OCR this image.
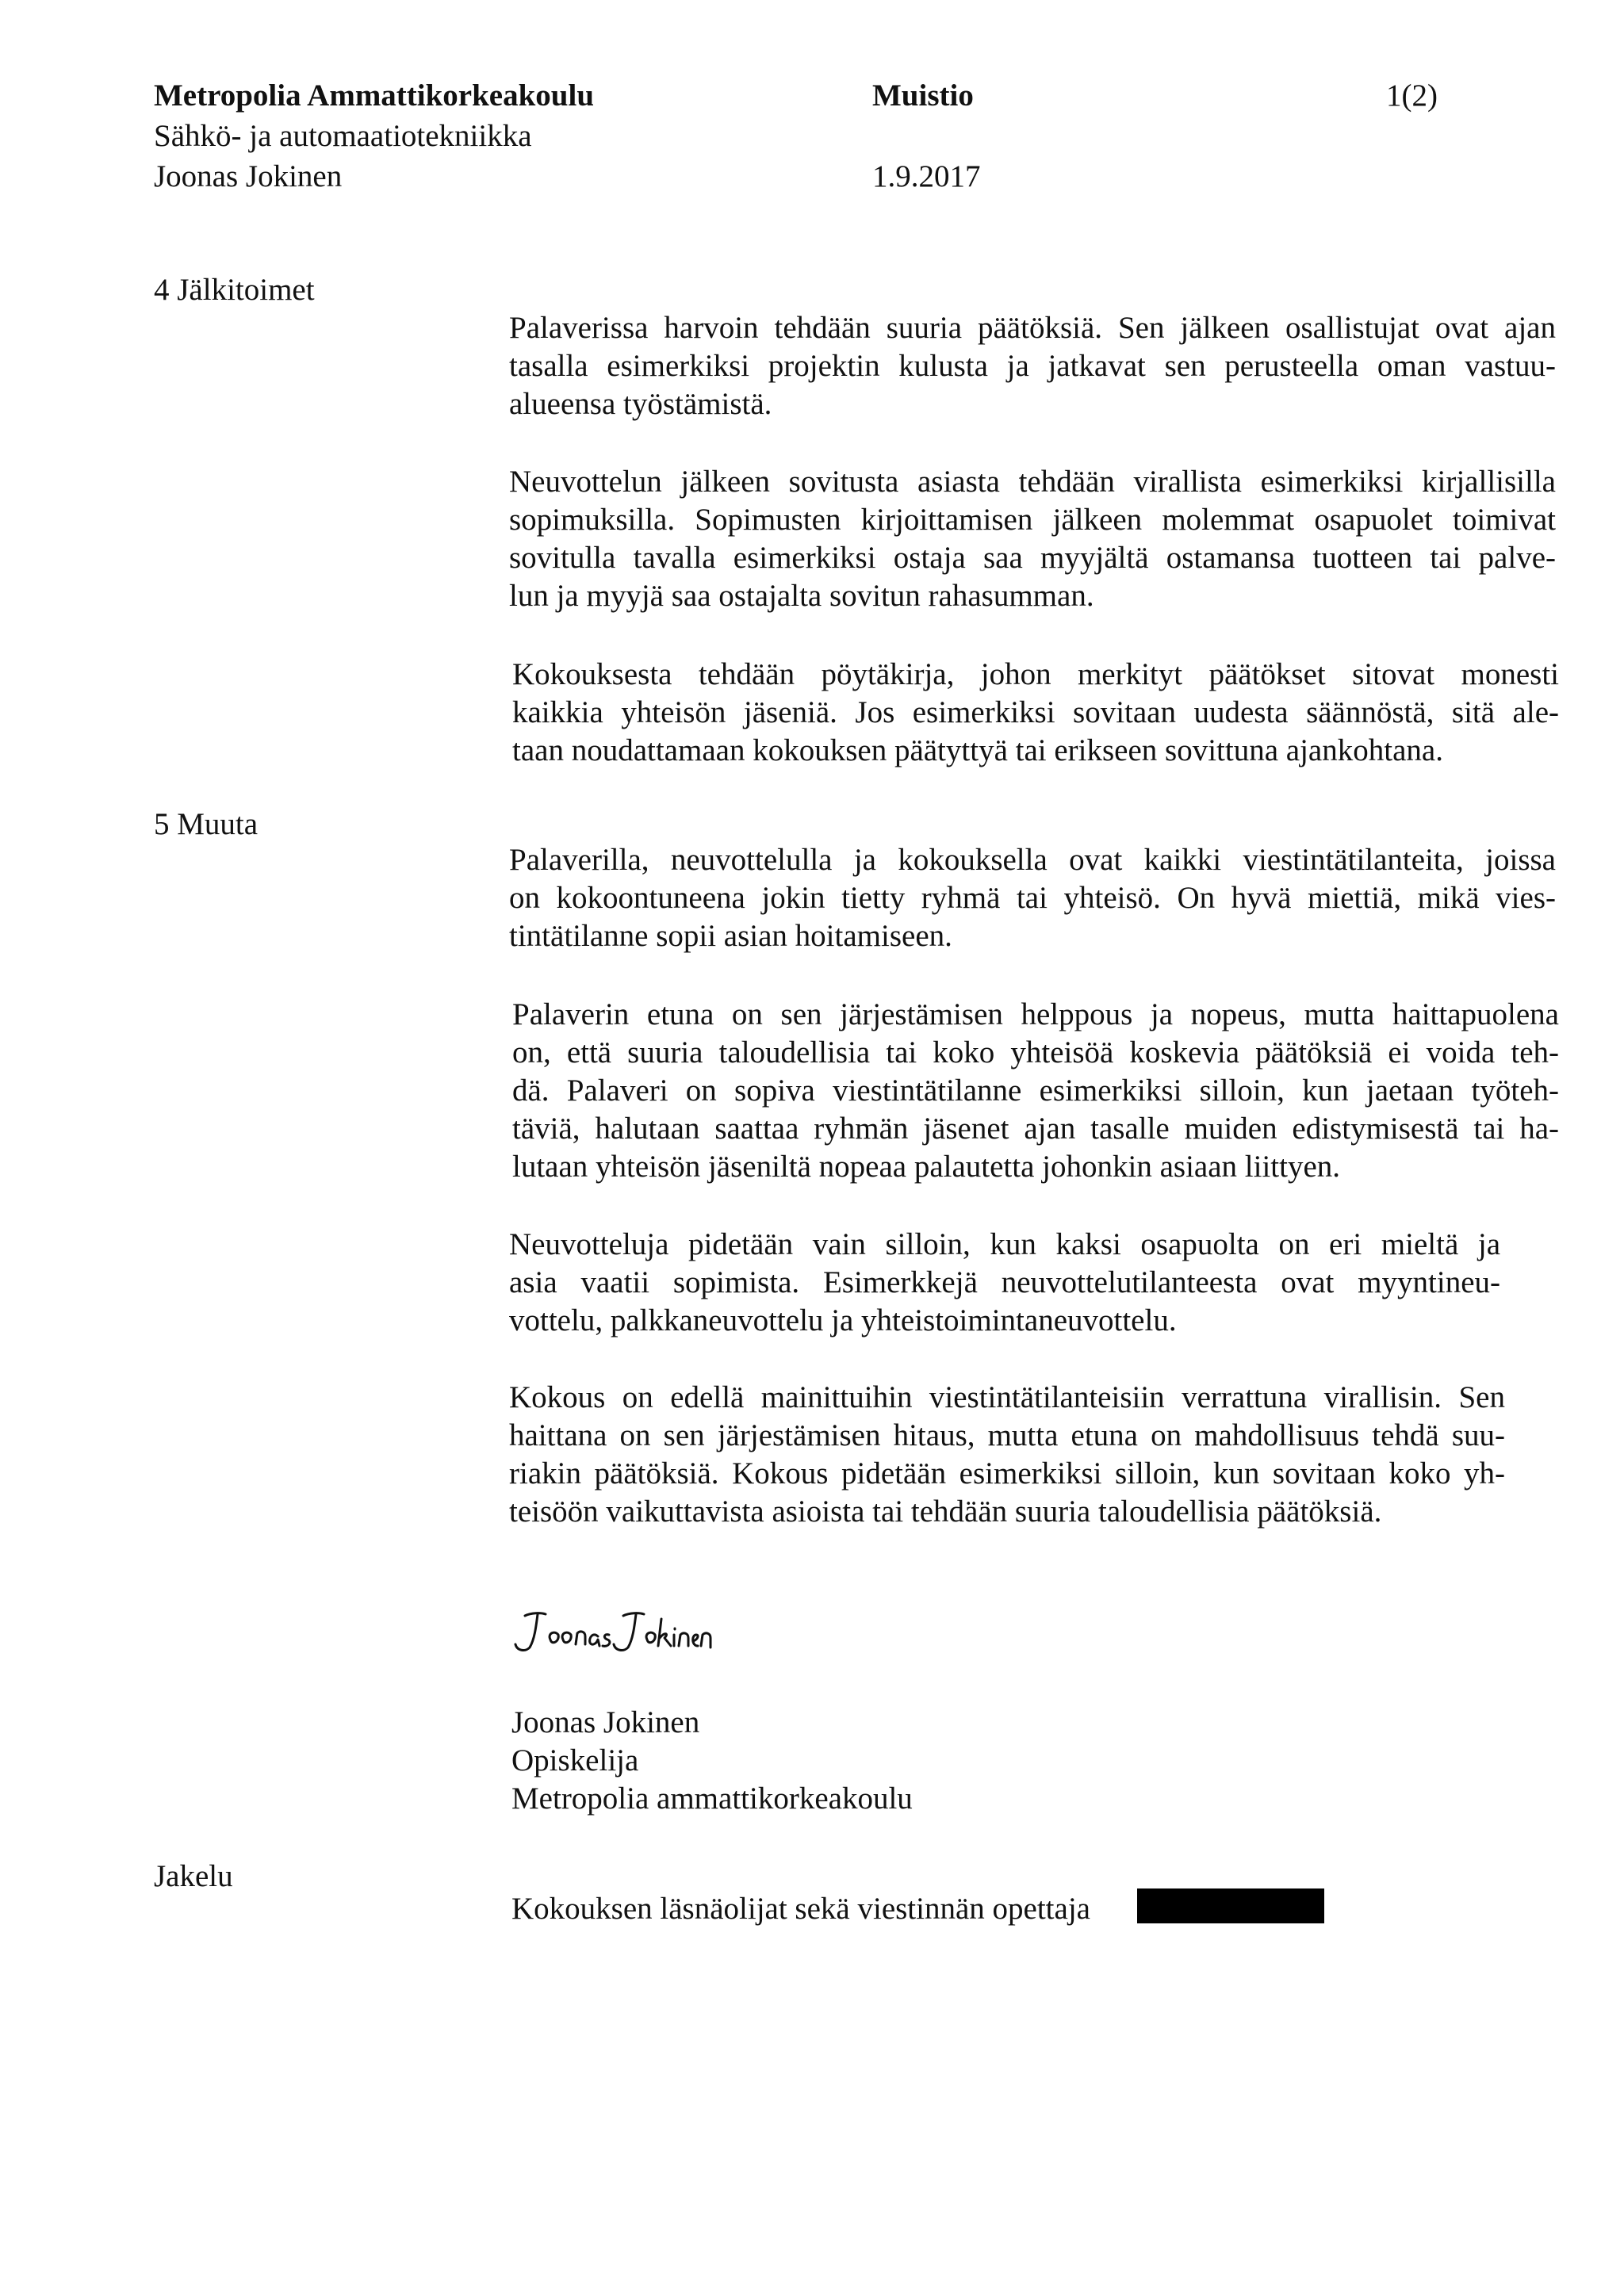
Metropolia Ammattikorkeakoulu	Muistio	1(2)
Sähkö- ja automaatiotekniikka
Joonas Jokinen	1.9.2017
4 Jälkitoimet
Palaverissa harvoin tehdään suuria päätöksiä. Sen jälkeen osallistujat ovat ajan
tasalla esimerkiksi projektin kulusta ja jatkavat sen perusteella oman vastuu-
alueensa työstämistä.
Neuvottelun jälkeen sovitusta asiasta tehdään virallista esimerkiksi kirjallisilla
sopimuksilla. Sopimusten kirjoittamisen jälkeen molemmat osapuolet toimivat
sovitulla tavalla esimerkiksi ostaja saa myyjältä ostamansa tuotteen tai palve-
lun ja myyjä saa ostajalta sovitun rahasumman.
Kokouksesta tehdään pöytäkirja, johon merkityt päätökset sitovat monesti
kaikkia yhteisön jäseniä. Jos esimerkiksi sovitaan uudesta säännöstä, sitä ale-
taan noudattamaan kokouksen päätyttyä tai erikseen sovittuna ajankohtana.
5 Muuta
Palaverilla, neuvottelulla ja kokouksella ovat kaikki viestintätilanteita, joissa
on kokoontuneena jokin tietty ryhmä tai yhteisö. On hyvä miettiä, mikä vies-
tintätilanne sopii asian hoitamiseen.
Palaverin etuna on sen järjestämisen helppous ja nopeus, mutta haittapuolena
on, että suuria taloudellisia tai koko yhteisöä koskevia päätöksiä ei voida teh-
dä. Palaveri on sopiva viestintätilanne esimerkiksi silloin, kun jaetaan työteh-
täviä, halutaan saattaa ryhmän jäsenet ajan tasalle muiden edistymisestä tai ha-
lutaan yhteisön jäseniltä nopeaa palautetta johonkin asiaan liittyen.
Neuvotteluja pidetään vain silloin, kun kaksi osapuolta on eri mieltä ja
asia vaatii sopimista. Esimerkkejä neuvottelutilanteesta ovat myyntineu-
vottelu, palkkaneuvottelu ja yhteistoimintaneuvottelu.
Kokous on edellä mainittuihin viestintätilanteisiin verrattuna virallisin. Sen
haittana on sen järjestämisen hitaus, mutta etuna on mahdollisuus tehdä suu-
riakin päätöksiä. Kokous pidetään esimerkiksi silloin, kun sovitaan koko yh-
teisöön vaikuttavista asioista tai tehdään suuria taloudellisia päätöksiä.
Joonas Jokinen
Opiskelija
Metropolia ammattikorkeakoulu
Jakelu
Kokouksen läsnäolijat sekä viestinnän opettaja
